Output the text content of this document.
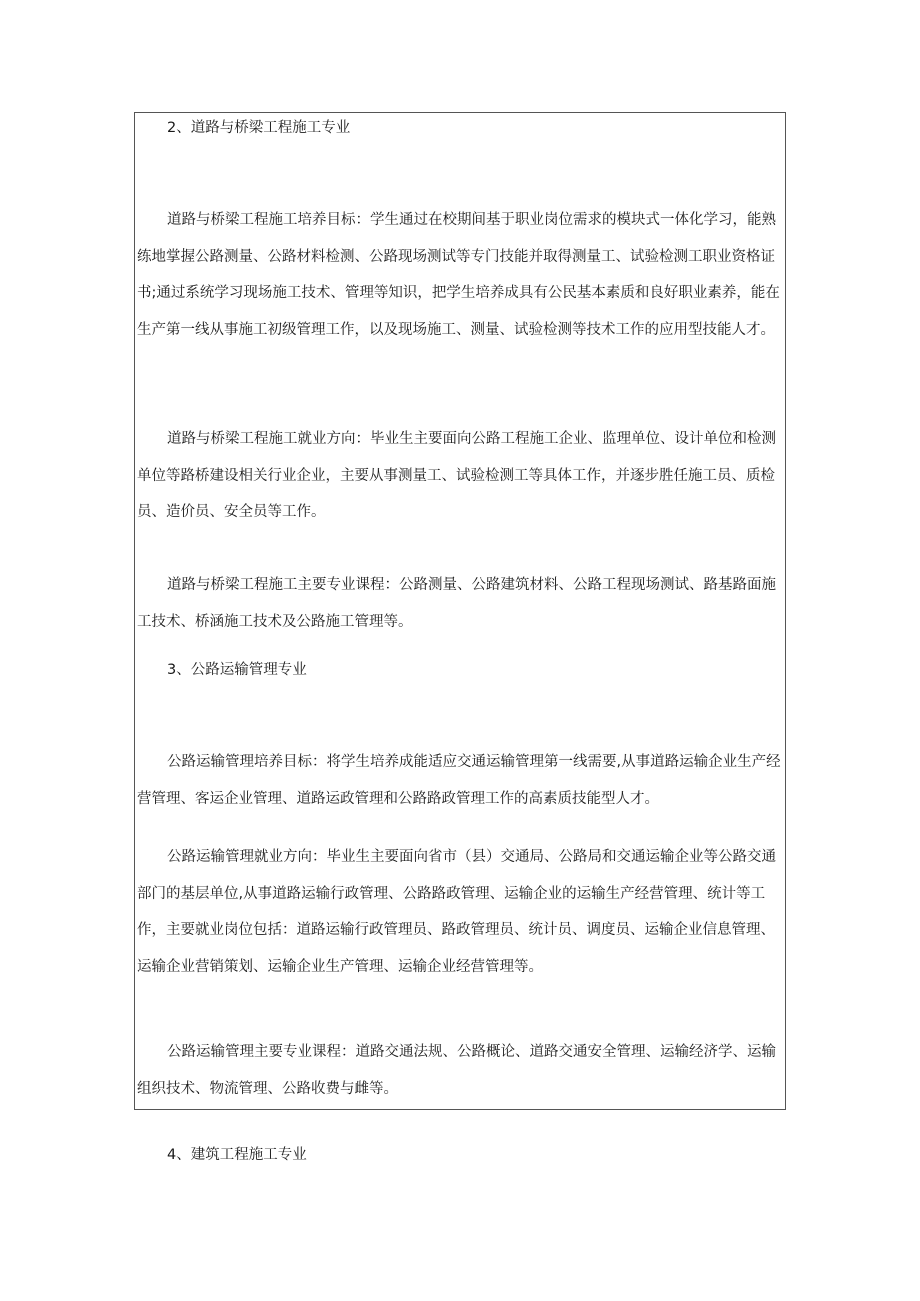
2、道路与桥梁工程施工专业

道路与桥梁工程施工培养目标：学生通过在校期间基于职业岗位需求的模块式一体化学习，能熟练地掌握公路测量、公路材料检测、公路现场测试等专门技能并取得测量工、试验检测工职业资格证书;通过系统学习现场施工技术、管理等知识，把学生培养成具有公民基本素质和良好职业素养，能在生产第一线从事施工初级管理工作，以及现场施工、测量、试验检测等技术工作的应用型技能人才。

道路与桥梁工程施工就业方向：毕业生主要面向公路工程施工企业、监理单位、设计单位和检测单位等路桥建设相关行业企业，主要从事测量工、试验检测工等具体工作，并逐步胜任施工员、质检员、造价员、安全员等工作。

道路与桥梁工程施工主要专业课程：公路测量、公路建筑材料、公路工程现场测试、路基路面施工技术、桥涵施工技术及公路施工管理等。

3、公路运输管理专业

公路运输管理培养目标：将学生培养成能适应交通运输管理第一线需要,从事道路运输企业生产经营管理、客运企业管理、道路运政管理和公路路政管理工作的高素质技能型人才。

公路运输管理就业方向：毕业生主要面向省市（县）交通局、公路局和交通运输企业等公路交通部门的基层单位,从事道路运输行政管理、公路路政管理、运输企业的运输生产经营管理、统计等工作，主要就业岗位包括：道路运输行政管理员、路政管理员、统计员、调度员、运输企业信息管理、运输企业营销策划、运输企业生产管理、运输企业经营管理等。

公路运输管理主要专业课程：道路交通法规、公路概论、道路交通安全管理、运输经济学、运输组织技术、物流管理、公路收费与雌等。

4、建筑工程施工专业
